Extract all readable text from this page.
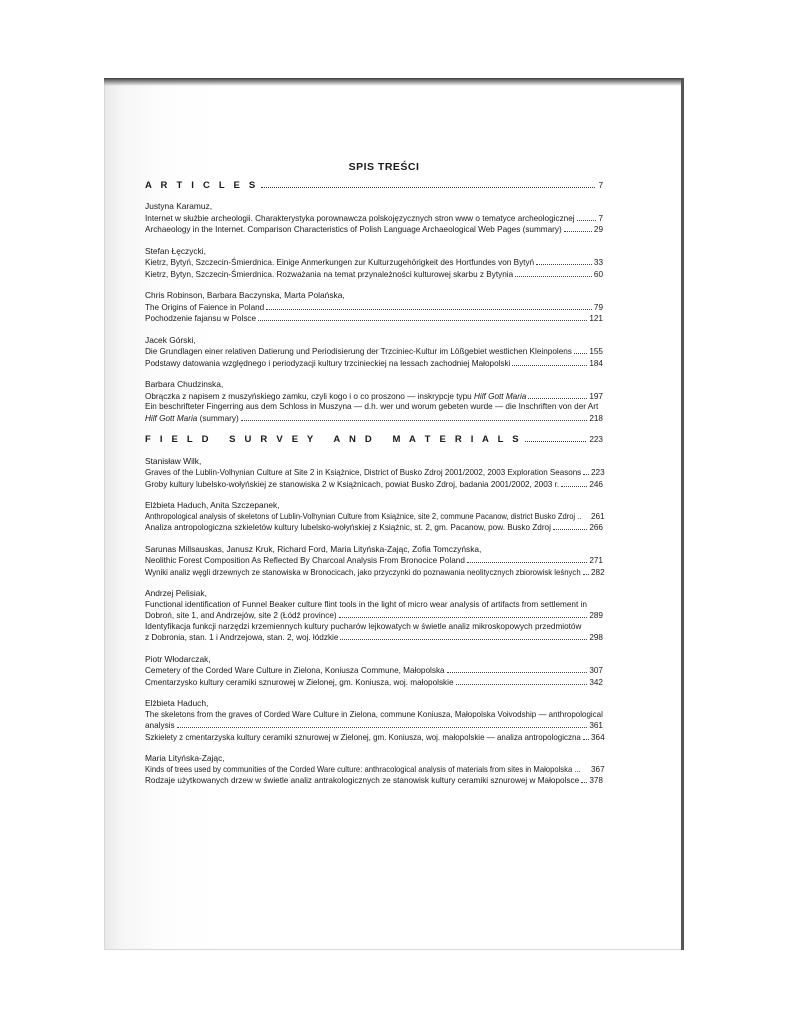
SPIS TREŚCI
A R T I C L E S	7
Justyna Karamuz,
Internet w służbie archeologii. Charakterystyka porownawcza polskojęzycznych stron www o tematyce archeologicznej	7
Archaeology in the Internet. Comparison Characteristics of Polish Language Archaeological Web Pages (summary)	29
Stefan Łęczycki,
Kietrz, Bytyń, Szczecin-Śmierdnica. Einige Anmerkungen zur Kulturzugehörigkeit des Hortfundes von Bytyń	33
Kietrz, Bytyn, Szczecin-Śmierdnica. Rozważania na temat przynależności kulturowej skarbu z Bytynia	60
Chris Robinson, Barbara Baczynska, Marta Polańska,
The Origins of Faience in Poland	79
Pochodzenie fajansu w Polsce	121
Jacek Górski,
Die Grundlagen einer relativen Datierung und Periodisierung der Trzciniec-Kultur im Lößgebiet westlichen Kleinpolens 155
Podstawy datowania względnego i periodyzacji kultury trzcinieckiej na lessach zachodniej Małopolski	184
Barbara Chudzinska,
Obrączka z napisem z muszyńskiego zamku, czyli kogo i o co proszono — inskrypcje typu Hilf Gott Maria	197
Ein beschrifteter Fingerring aus dem Schloss in Muszyna — d.h. wer und worum gebeten wurde — die Inschriften von der Art
Hilf Gott Maria (summary)	218
F I E L D   S U R V E Y   A N D   M A T E R I A L S	223
Stanisław Wilk,
Graves of the Lublin-Volhynian Culture at Site 2 in Książnice, District of Busko Zdroj 2001/2002, 2003 Exploration Seasons 223
Groby kultury lubelsko-wołyńskiej ze stanowiska 2 w Książnicach, powiat Busko Zdroj, badania 2001/2002, 2003 r.	246
Elżbieta Haduch, Anita Szczepanek,
Anthropological analysis of skeletons of Lublin-Volhynian Culture from Książnice, site 2, commune Pacanow, district Busko Zdroj .. 261
Analiza antropologiczna szkieletów kultury lubelsko-wołyńskiej z Książnic, st. 2, gm. Pacanow, pow. Busko Zdroj	266
Sarunas Millsauskas, Janusz Kruk, Richard Ford, Maria Lityńska-Zając, Zofia Tomczyńska,
Neolithic Forest Composition As Reflected By Charcoal Analysis From Bronocice Poland	271
Wyniki analiz węgli drzewnych ze stanowiska w Bronocicach, jako przyczynki do poznawania neolitycznych zbiorowisk leśnych 282
Andrzej Pelisiak,
Functional identification of Funnel Beaker culture flint tools in the light of micro wear analysis of artifacts from settlement in
Dobroń, site 1, and Andrzejów, site 2 (Łódź province)	289
Identyfikacja funkcji narzędzi krzemiennych kultury pucharów lejkowatych w świetle analiz mikroskopowych przedmiotów
z Dobronia, stan. 1 i Andrzejowa, stan. 2, woj. łódzkie	298
Piotr Włodarczak,
Cemetery of the Corded Ware Culture in Zielona, Koniusza Commune, Małopolska	307
Cmentarzysko kultury ceramiki sznurowej w Zielonej, gm. Koniusza, woj. małopolskie	342
Elżbieta Haduch,
The skeletons from the graves of Corded Ware Culture in Zielona, commune Koniusza, Małopolska Voivodship — anthropological
analysis	361
Szkielety z cmentarzyska kultury ceramiki sznurowej w Zielonej, gm. Koniusza, woj. małopolskie — analiza antropologiczna 364
Maria Lityńska-Zając,
Kinds of trees used by communities of the Corded Ware culture: anthracological analysis of materials from sites in Małopolska ... 367
Rodzaje użytkowanych drzew w świetle analiz antrakologicznych ze stanowisk kultury ceramiki sznurowej w Małopolsce 378
